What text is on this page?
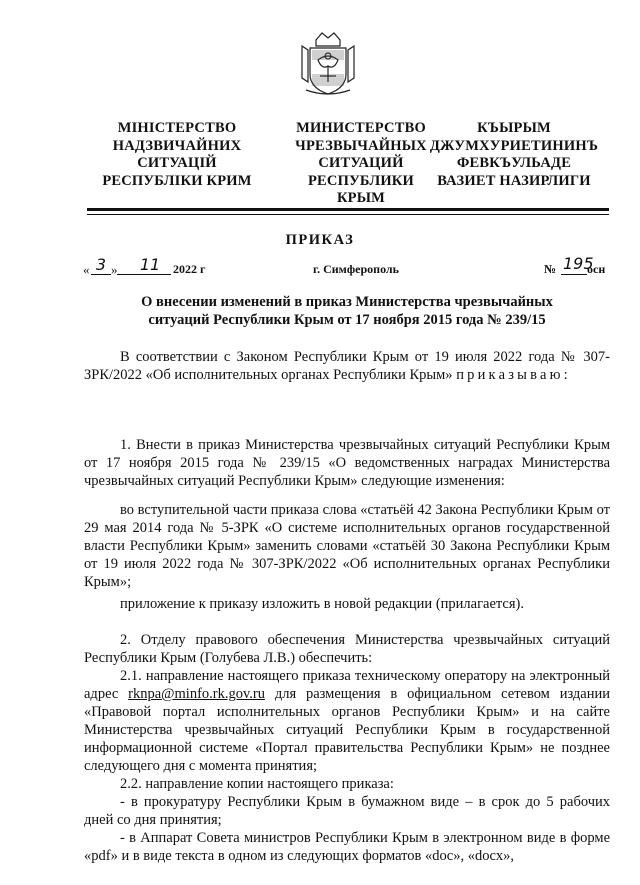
МІНІСТЕРСТВО
НАДЗВИЧАЙНИХ
СИТУАЦІЙ
РЕСПУБЛІКИ КРИМ
МИНИСТЕРСТВО
ЧРЕЗВЫЧАЙНЫХ
СИТУАЦИЙ
РЕСПУБЛИКИ
КРЫМ
КЪЫРЫМ
ДЖУМХУРИЕТИНИНЪ
ФЕВКЪУЛЬАДЕ
ВАЗИЕТ НАЗИРЛИГИ
ПРИКАЗ
« 3 »	11	2022 г	г. Симферополь	№ 195
осн
О внесении изменений в приказ Министерства чрезвычайных ситуаций Республики Крым от 17 ноября 2015 года № 239/15
В соответствии с Законом Республики Крым от 19 июля 2022 года № 307-ЗРК/2022 «Об исполнительных органах Республики Крым» приказываю:
1. Внести в приказ Министерства чрезвычайных ситуаций Республики Крым от 17 ноября 2015 года № 239/15 «О ведомственных наградах Министерства чрезвычайных ситуаций Республики Крым» следующие изменения:
во вступительной части приказа слова «статьёй 42 Закона Республики Крым от 29 мая 2014 года № 5-ЗРК «О системе исполнительных органов государственной власти Республики Крым» заменить словами «статьёй 30 Закона Республики Крым от 19 июля 2022 года № 307-ЗРК/2022 «Об исполнительных органах Республики Крым»;
приложение к приказу изложить в новой редакции (прилагается).
2. Отделу правового обеспечения Министерства чрезвычайных ситуаций Республики Крым (Голубева Л.В.) обеспечить:
2.1. направление настоящего приказа техническому оператору на электронный адрес rknpa@minfo.rk.gov.ru для размещения в официальном сетевом издании «Правовой портал исполнительных органов Республики Крым» и на сайте Министерства чрезвычайных ситуаций Республики Крым в государственной информационной системе «Портал правительства Республики Крым» не позднее следующего дня с момента принятия;
2.2. направление копии настоящего приказа:
- в прокуратуру Республики Крым в бумажном виде – в срок до 5 рабочих дней со дня принятия;
- в Аппарат Совета министров Республики Крым в электронном виде в форме «pdf» и в виде текста в одном из следующих форматов «doc», «docx»,
